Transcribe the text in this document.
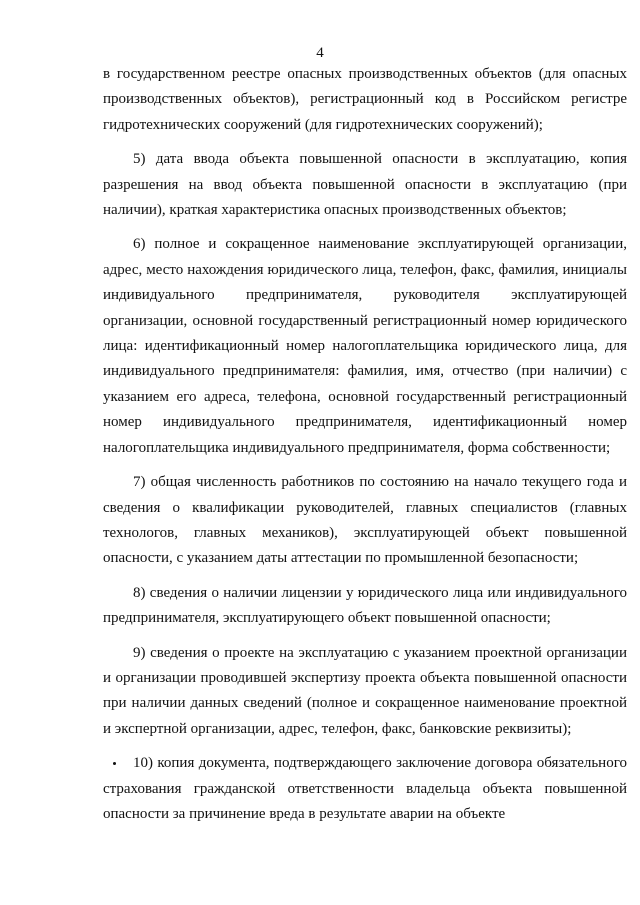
4

в государственном реестре опасных производственных объектов (для опасных производственных объектов), регистрационный код в Российском регистре гидротехнических сооружений (для гидротехнических сооружений);

5) дата ввода объекта повышенной опасности в эксплуатацию, копия разрешения на ввод объекта повышенной опасности в эксплуатацию (при наличии), краткая характеристика опасных производственных объектов;

6) полное и сокращенное наименование эксплуатирующей организации, адрес, место нахождения юридического лица, телефон, факс, фамилия, инициалы индивидуального предпринимателя, руководителя эксплуатирующей организации, основной государственный регистрационный номер юридического лица: идентификационный номер налогоплательщика юридического лица, для индивидуального предпринимателя: фамилия, имя, отчество (при наличии) с указанием его адреса, телефона, основной государственный регистрационный номер индивидуального предпринимателя, идентификационный номер налогоплательщика индивидуального предпринимателя, форма собственности;

7) общая численность работников по состоянию на начало текущего года и сведения о квалификации руководителей, главных специалистов (главных технологов, главных механиков), эксплуатирующей объект повышенной опасности, с указанием даты аттестации по промышленной безопасности;

8) сведения о наличии лицензии у юридического лица или индивидуального предпринимателя, эксплуатирующего объект повышенной опасности;

9) сведения о проекте на эксплуатацию с указанием проектной организации и организации проводившей экспертизу проекта объекта повышенной опасности при наличии данных сведений (полное и сокращенное наименование проектной и экспертной организации, адрес, телефон, факс, банковские реквизиты);

10) копия документа, подтверждающего заключение договора обязательного страхования гражданской ответственности владельца объекта повышенной опасности за причинение вреда в результате аварии на объекте
